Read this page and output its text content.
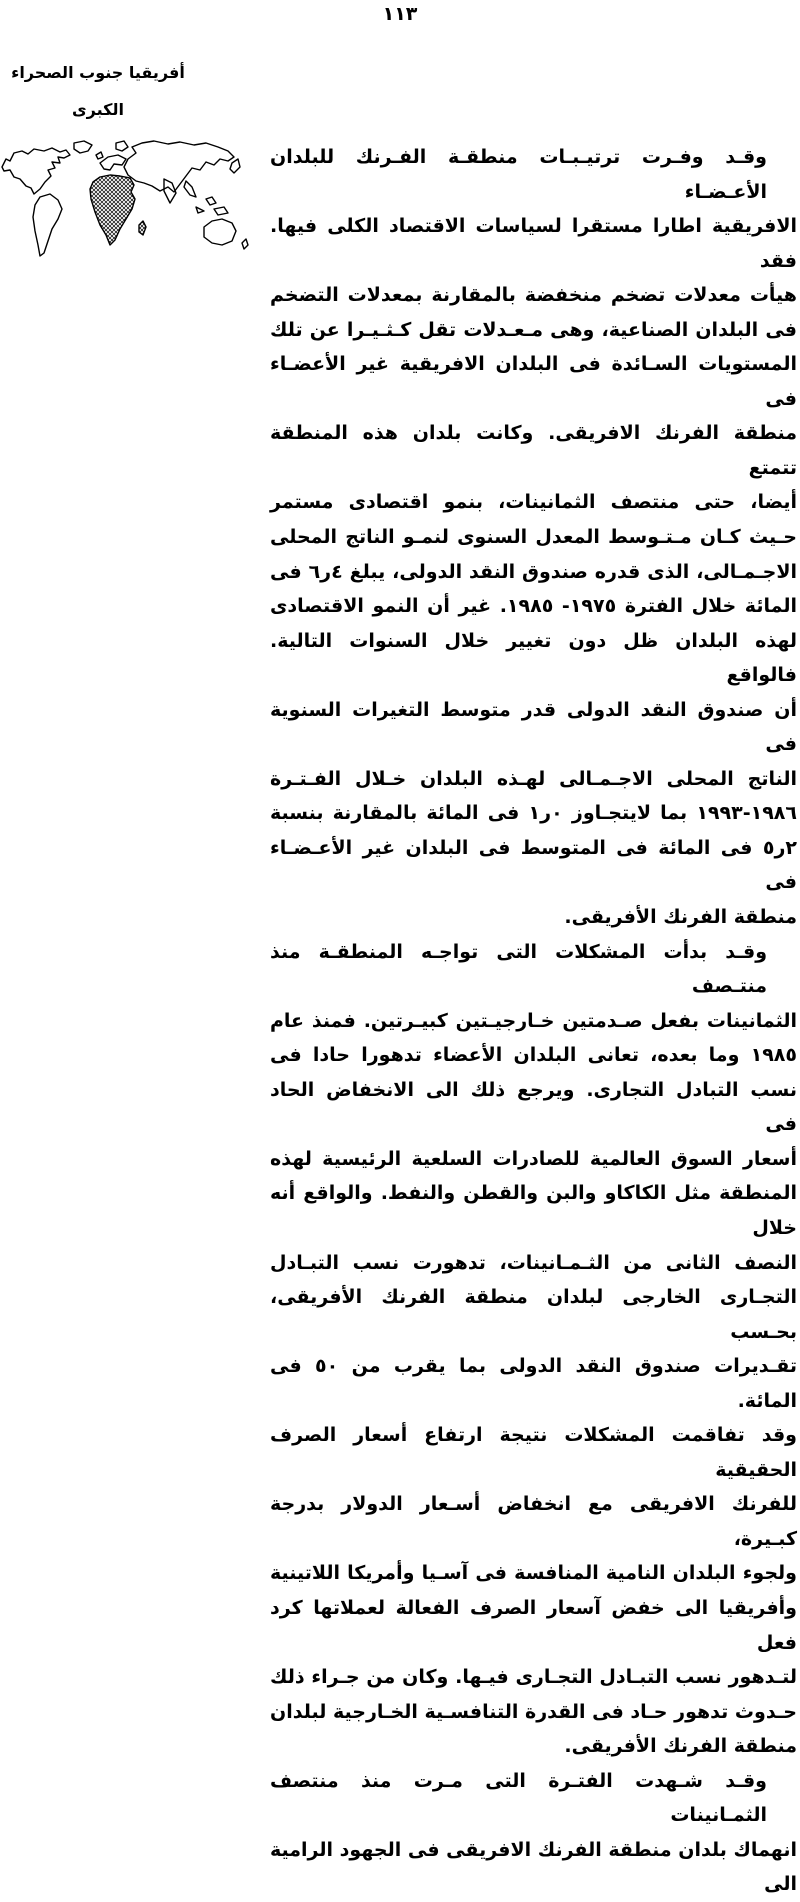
١١٣
أفريقيا جنوب الصحراء
الكبرى
وقـد وفـرت ترتيـبـات منطقـة الفـرنك للبلدان الأعـضـاء
الافريقية اطارا مستقرا لسياسات الاقتصاد الكلى فيها. فقد
هيأت معدلات تضخم منخفضة بالمقارنة بمعدلات التضخم
فى البلدان الصناعية، وهى مـعـدلات تقل كـثـيـرا عن تلك
المستويات السـائدة فى البلدان الافريقية غير الأعضـاء فى
منطقة الفرنك الافريقى. وكانت بلدان هذه المنطقة تتمتع
أيضا، حتى منتصف الثمانينات، بنمو اقتصادى مستمر
حـيث كـان مـتـوسط المعدل السنوى لنمـو الناتج المحلى
الاجـمـالى، الذى قدره صندوق النقد الدولى، يبلغ ٤ر٦ فى
المائة خلال الفترة ١٩٧٥- ١٩٨٥. غير أن النمو الاقتصادى
لهذه البلدان ظل دون تغيير خلال السنوات التالية. فالواقع
أن صندوق النقد الدولى قدر متوسط التغيرات السنوية فى
الناتج المحلى الاجـمـالى لهـذه البلدان خـلال الفـتـرة
١٩٨٦-١٩٩٣ بما لايتجـاوز ٠ر١ فى المائة بالمقارنة بنسبة
٢ر٥ فى المائة فى المتوسط فى البلدان غير الأعـضـاء فى
منطقة الفرنك الأفريقى.
وقـد بدأت المشكلات التى تواجـه المنطقـة منذ منتـصف
الثمانينات بفعل صـدمتين خـارجيـتين كبيـرتين. فمنذ عام
١٩٨٥ وما بعده، تعانى البلدان الأعضاء تدهورا حادا فى
نسب التبادل التجارى. ويرجع ذلك الى الانخفاض الحاد فى
أسعار السوق العالمية للصادرات السلعية الرئيسية لهذه
المنطقة مثل الكاكاو والبن والقطن والنفط. والواقع أنه خلال
النصف الثانى من الثـمـانينات، تدهورت نسب التبـادل
التجـارى الخارجى لبلدان منطقة الفرنك الأفريقى، بحـسب
تقـديرات صندوق النقد الدولى بما يقرب من ٥٠ فى المائة.
وقد تفاقمت المشكلات نتيجة ارتفاع أسعار الصرف الحقيقية
للفرنك الافريقى مع انخفاض أسـعار الدولار بدرجة كبـيرة،
ولجوء البلدان النامية المنافسة فى آسـيا وأمريكا اللاتينية
وأفريقيا الى خفض آسعار الصرف الفعالة لعملاتها كرد فعل
لتـدهور نسب التبـادل التجـارى فيـها. وكان من جـراء ذلك
حـدوث تدهور حـاد فى القدرة التنافسـية الخـارجية لبلدان
منطقة الفرنك الأفريقى.
وقـد شـهدت الفتـرة التى مـرت منذ منتصف الثمـانينات
انهماك بلدان منطقة الفرنك الافريقى فى الجهود الرامية الى
